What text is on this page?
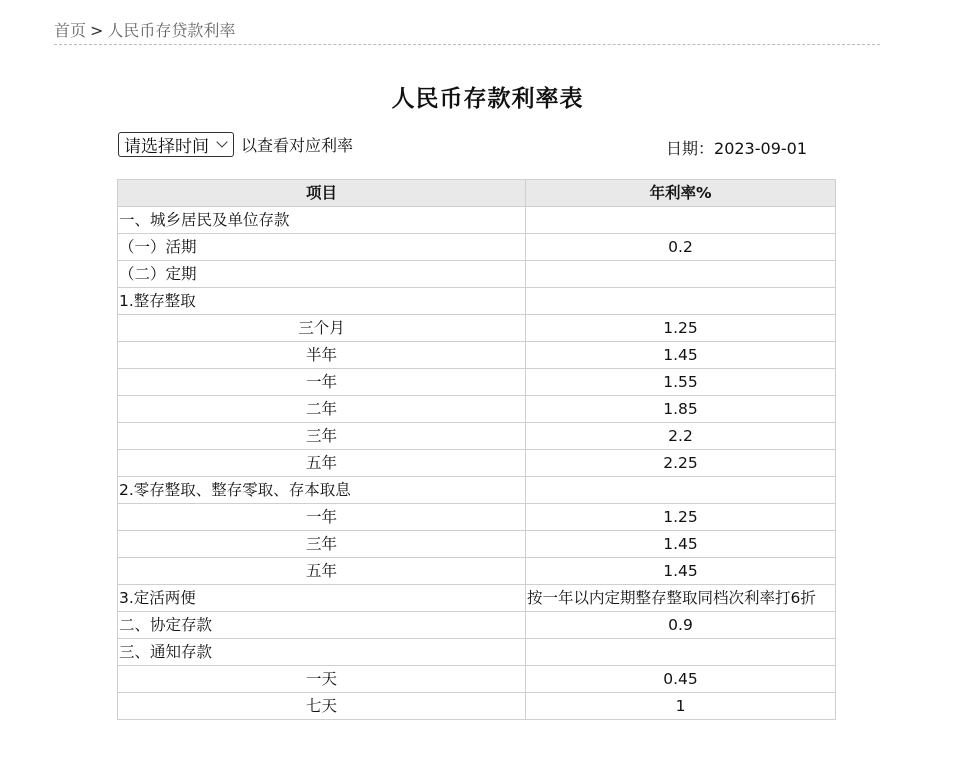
首页 > 人民币存贷款利率
人民币存款利率表
请选择时间 以查看对应利率	日期：2023-09-01
项目	年利率%
一、城乡居民及单位存款	
（一）活期	0.2
（二）定期	
1.整存整取	
三个月	1.25
半年	1.45
一年	1.55
二年	1.85
三年	2.2
五年	2.25
2.零存整取、整存零取、存本取息	
一年	1.25
三年	1.45
五年	1.45
3.定活两便	按一年以内定期整存整取同档次利率打6折
二、协定存款	0.9
三、通知存款	
一天	0.45
七天	1
